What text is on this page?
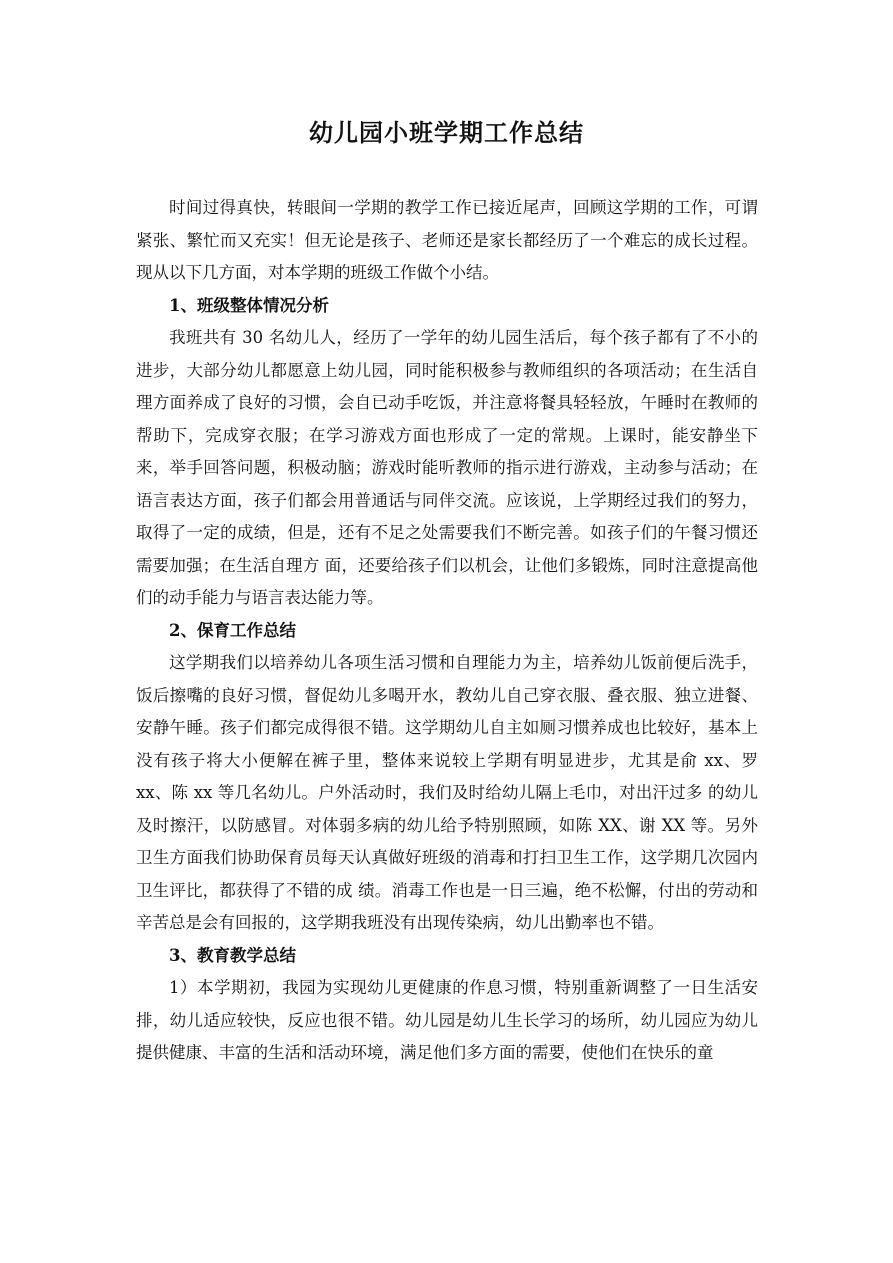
幼儿园小班学期工作总结

时间过得真快，转眼间一学期的教学工作已接近尾声，回顾这学期的工作，可谓紧张、繁忙而又充实！但无论是孩子、老师还是家长都经历了一个难忘的成长过程。现从以下几方面，对本学期的班级工作做个小结。

1、班级整体情况分析

我班共有 30 名幼儿人，经历了一学年的幼儿园生活后，每个孩子都有了不小的进步，大部分幼儿都愿意上幼儿园，同时能积极参与教师组织的各项活动；在生活自理方面养成了良好的习惯，会自已动手吃饭，并注意将餐具轻轻放，午睡时在教师的帮助下，完成穿衣服；在学习游戏方面也形成了一定的常规。上课时，能安静坐下来，举手回答问题，积极动脑；游戏时能听教师的指示进行游戏，主动参与活动；在语言表达方面，孩子们都会用普通话与同伴交流。应该说，上学期经过我们的努力，取得了一定的成绩，但是，还有不足之处需要我们不断完善。如孩子们的午餐习惯还需要加强；在生活自理方 面，还要给孩子们以机会，让他们多锻炼，同时注意提高他们的动手能力与语言表达能力等。

2、保育工作总结

这学期我们以培养幼儿各项生活习惯和自理能力为主，培养幼儿饭前便后洗手，饭后擦嘴的良好习惯，督促幼儿多喝开水，教幼儿自己穿衣服、叠衣服、独立进餐、安静午睡。孩子们都完成得很不错。这学期幼儿自主如厕习惯养成也比较好，基本上没有孩子将大小便解在裤子里，整体来说较上学期有明显进步，尤其是俞 xx、罗 xx、陈 xx 等几名幼儿。户外活动时，我们及时给幼儿隔上毛巾，对出汗过多 的幼儿及时擦汗，以防感冒。对体弱多病的幼儿给予特别照顾，如陈 XX、谢 XX 等。另外卫生方面我们协助保育员每天认真做好班级的消毒和打扫卫生工作，这学期几次园内卫生评比，都获得了不错的成 绩。消毒工作也是一日三遍，绝不松懈，付出的劳动和辛苦总是会有回报的，这学期我班没有出现传染病，幼儿出勤率也不错。

3、教育教学总结

1）本学期初，我园为实现幼儿更健康的作息习惯，特别重新调整了一日生活安排，幼儿适应较快，反应也很不错。幼儿园是幼儿生长学习的场所，幼儿园应为幼儿提供健康、丰富的生活和活动环境，满足他们多方面的需要，使他们在快乐的童
